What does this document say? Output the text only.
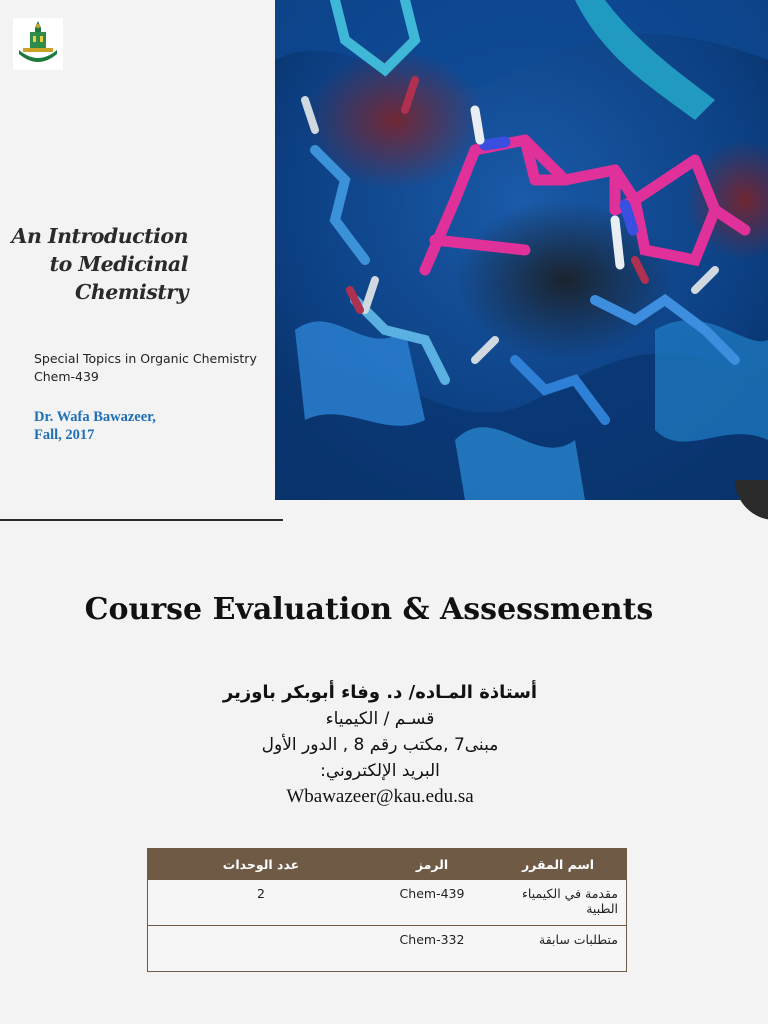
An Introduction
to Medicinal
Chemistry
Special Topics in Organic Chemistry
Chem-439
Dr. Wafa Bawazeer,
Fall, 2017
Course Evaluation & Assessments
أستاذة المـاده/ د. وفاء أبوبكر باوزير
قسـم / الكيمياء
مبنى7 ,مكتب رقم 8 , الدور الأول
البريد الإلكتروني:
Wbawazeer@kau.edu.sa
اسم المقرر	الرمز	عدد الوحدات
مقدمة في الكيمياء الطبية	Chem-439	2
متطلبات سابقة	Chem-332	
